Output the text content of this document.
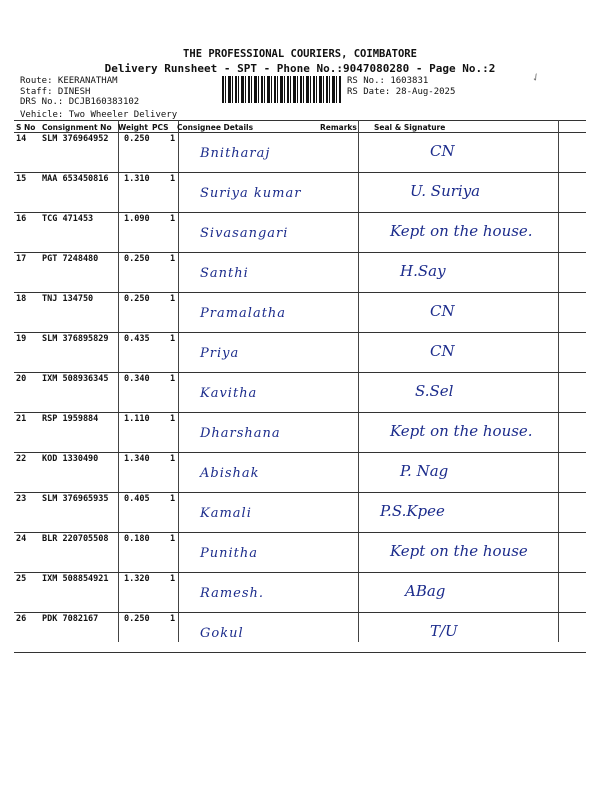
THE PROFESSIONAL COURIERS, COIMBATORE
Delivery Runsheet - SPT - Phone No.:9047080280 - Page No.:2
Route: KEERANATHAM
Staff: DINESH
DRS No.: DCJB160383102
Vehicle: Two Wheeler Delivery
RS No.: 1603831
RS Date: 28-Aug-2025
✓
S No Consignment No Weight PCS Consignee Details	Remarks Seal & Signature
14 SLM 376964952 0.250 1
Bnitharaj	CN
15 MAA 653450816 1.310 1
Suriya kumar	U. Suriya
16 TCG 471453	1.090 1
Sivasangari	Kept on the house.
17 PGT 7248480	0.250 1
Santhi	H.Say
18 TNJ 134750	0.250 1
Pramalatha	CN
19 SLM 376895829 0.435 1
Priya	CN
20 IXM 508936345 0.340 1
Kavitha	S.Sel
21 RSP 1959884	1.110 1
Dharshana	Kept on the house.
22 KOD 1330490	1.340 1
Abishak	P. Nag
23 SLM 376965935 0.405 1
Kamali	P.S.Kpee
24 BLR 220705508 0.180 1
Punitha	Kept on the house
25 IXM 508854921 1.320 1
Ramesh.	ABag
26 PDK 7082167	0.250 1
Gokul	T/U
